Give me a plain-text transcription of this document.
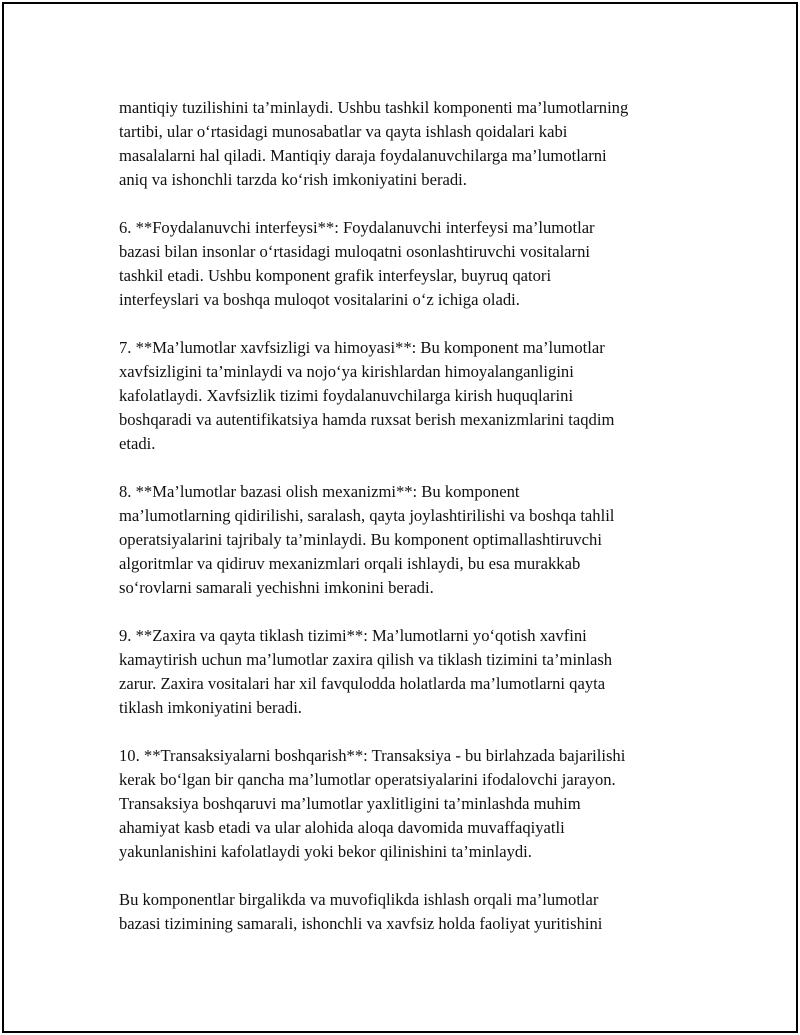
mantiqiy tuzilishini ta’minlaydi. Ushbu tashkil komponenti ma’lumotlarning
tartibi, ular o‘rtasidagi munosabatlar va qayta ishlash qoidalari kabi
masalalarni hal qiladi. Mantiqiy daraja foydalanuvchilarga ma’lumotlarni
aniq va ishonchli tarzda ko‘rish imkoniyatini beradi.

6. **Foydalanuvchi interfeysi**: Foydalanuvchi interfeysi ma’lumotlar
bazasi bilan insonlar o‘rtasidagi muloqatni osonlashtiruvchi vositalarni
tashkil etadi. Ushbu komponent grafik interfeyslar, buyruq qatori
interfeyslari va boshqa muloqot vositalarini o‘z ichiga oladi.

7. **Ma’lumotlar xavfsizligi va himoyasi**: Bu komponent ma’lumotlar
xavfsizligini ta’minlaydi va nojo‘ya kirishlardan himoyalanganligini
kafolatlaydi. Xavfsizlik tizimi foydalanuvchilarga kirish huquqlarini
boshqaradi va autentifikatsiya hamda ruxsat berish mexanizmlarini taqdim
etadi.

8. **Ma’lumotlar bazasi olish mexanizmi**: Bu komponent
ma’lumotlarning qidirilishi, saralash, qayta joylashtirilishi va boshqa tahlil
operatsiyalarini tajribaly ta’minlaydi. Bu komponent optimallashtiruvchi
algoritmlar va qidiruv mexanizmlari orqali ishlaydi, bu esa murakkab
so‘rovlarni samarali yechishni imkonini beradi.

9. **Zaxira va qayta tiklash tizimi**: Ma’lumotlarni yo‘qotish xavfini
kamaytirish uchun ma’lumotlar zaxira qilish va tiklash tizimini ta’minlash
zarur. Zaxira vositalari har xil favqulodda holatlarda ma’lumotlarni qayta
tiklash imkoniyatini beradi.

10. **Transaksiyalarni boshqarish**: Transaksiya - bu birlahzada bajarilishi
kerak bo‘lgan bir qancha ma’lumotlar operatsiyalarini ifodalovchi jarayon.
Transaksiya boshqaruvi ma’lumotlar yaxlitligini ta’minlashda muhim
ahamiyat kasb etadi va ular alohida aloqa davomida muvaffaqiyatli
yakunlanishini kafolatlaydi yoki bekor qilinishini ta’minlaydi.

Bu komponentlar birgalikda va muvofiqlikda ishlash orqali ma’lumotlar
bazasi tizimining samarali, ishonchli va xavfsiz holda faoliyat yuritishini
